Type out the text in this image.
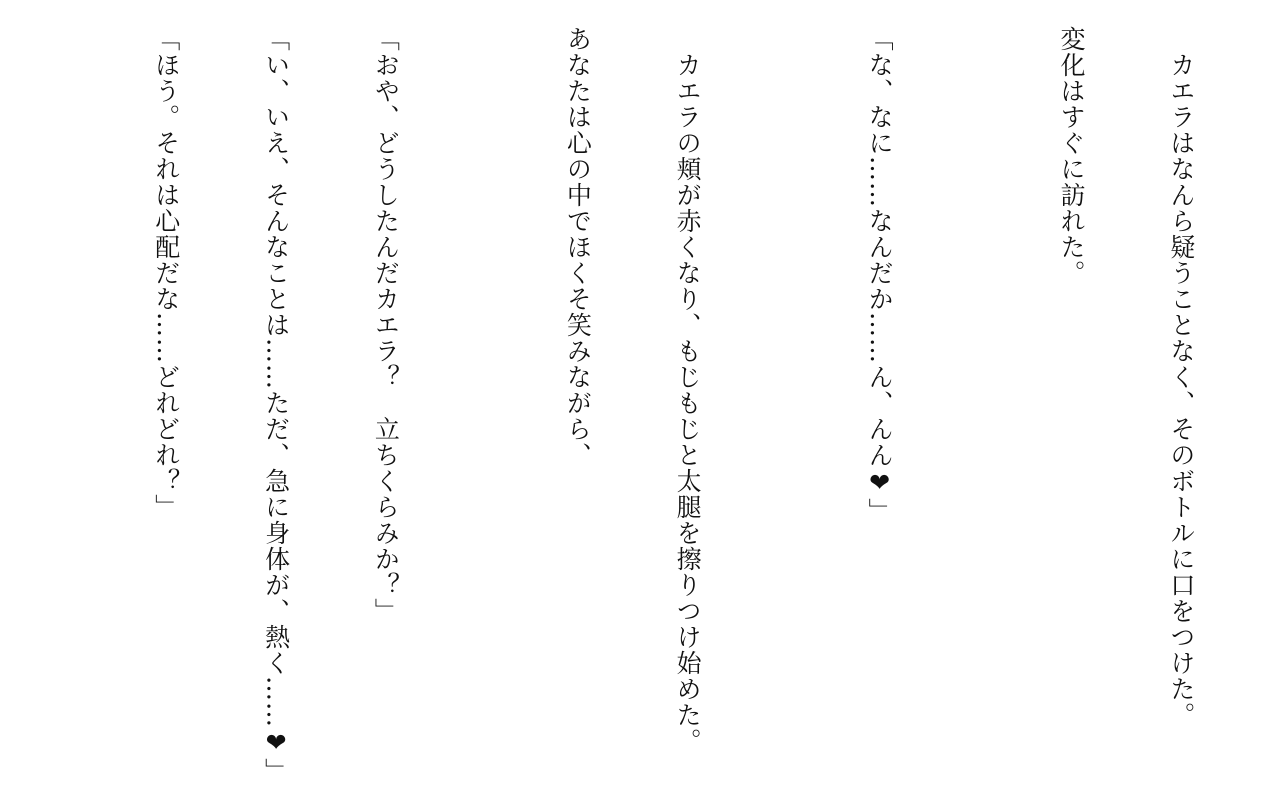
　カエラはなんら疑うことなく、そのボトルに口をつけた。

変化はすぐに訪れた。

「な、なに……なんだか……ん、んん❤」

　カエラの頬が赤くなり、もじもじと太腿を擦りつけ始めた。

あなたは心の中でほくそ笑みながら、

「おや、どうしたんだカエラ？　立ちくらみか？」

「い、いえ、そんなことは……ただ、急に身体が、熱く……❤」

「ほう。それは心配だな……どれどれ？」
